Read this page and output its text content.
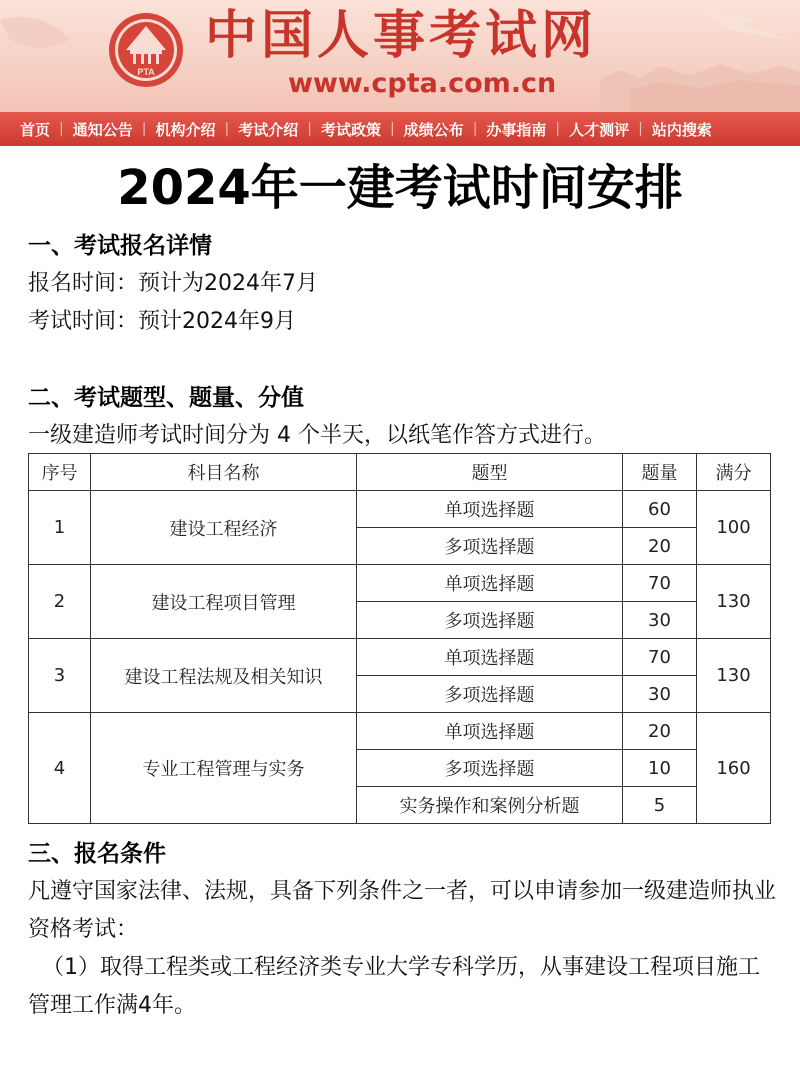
PTA
中国人事考试网
www.cpta.com.cn
首页 | 通知公告 | 机构介绍 | 考试介绍 | 考试政策 | 成绩公布 | 办事指南 | 人才测评 | 站内搜索
2024年一建考试时间安排
一、考试报名详情
报名时间：预计为2024年7月
考试时间：预计2024年9月
二、考试题型、题量、分值
一级建造师考试时间分为 4 个半天，以纸笔作答方式进行。
序号	科目名称	题型	题量	满分
1	建设工程经济	单项选择题	60	100
		多项选择题	20	
2	建设工程项目管理	单项选择题	70	130
		多项选择题	30	
3	建设工程法规及相关知识	单项选择题	70	130
		多项选择题	30	
4	专业工程管理与实务	单项选择题	20	160
		多项选择题	10	
		实务操作和案例分析题	5	
三、报名条件
凡遵守国家法律、法规，具备下列条件之一者，可以申请参加一级建造师执业资格考试：
（1）取得工程类或工程经济类专业大学专科学历，从事建设工程项目施工管理工作满4年。
